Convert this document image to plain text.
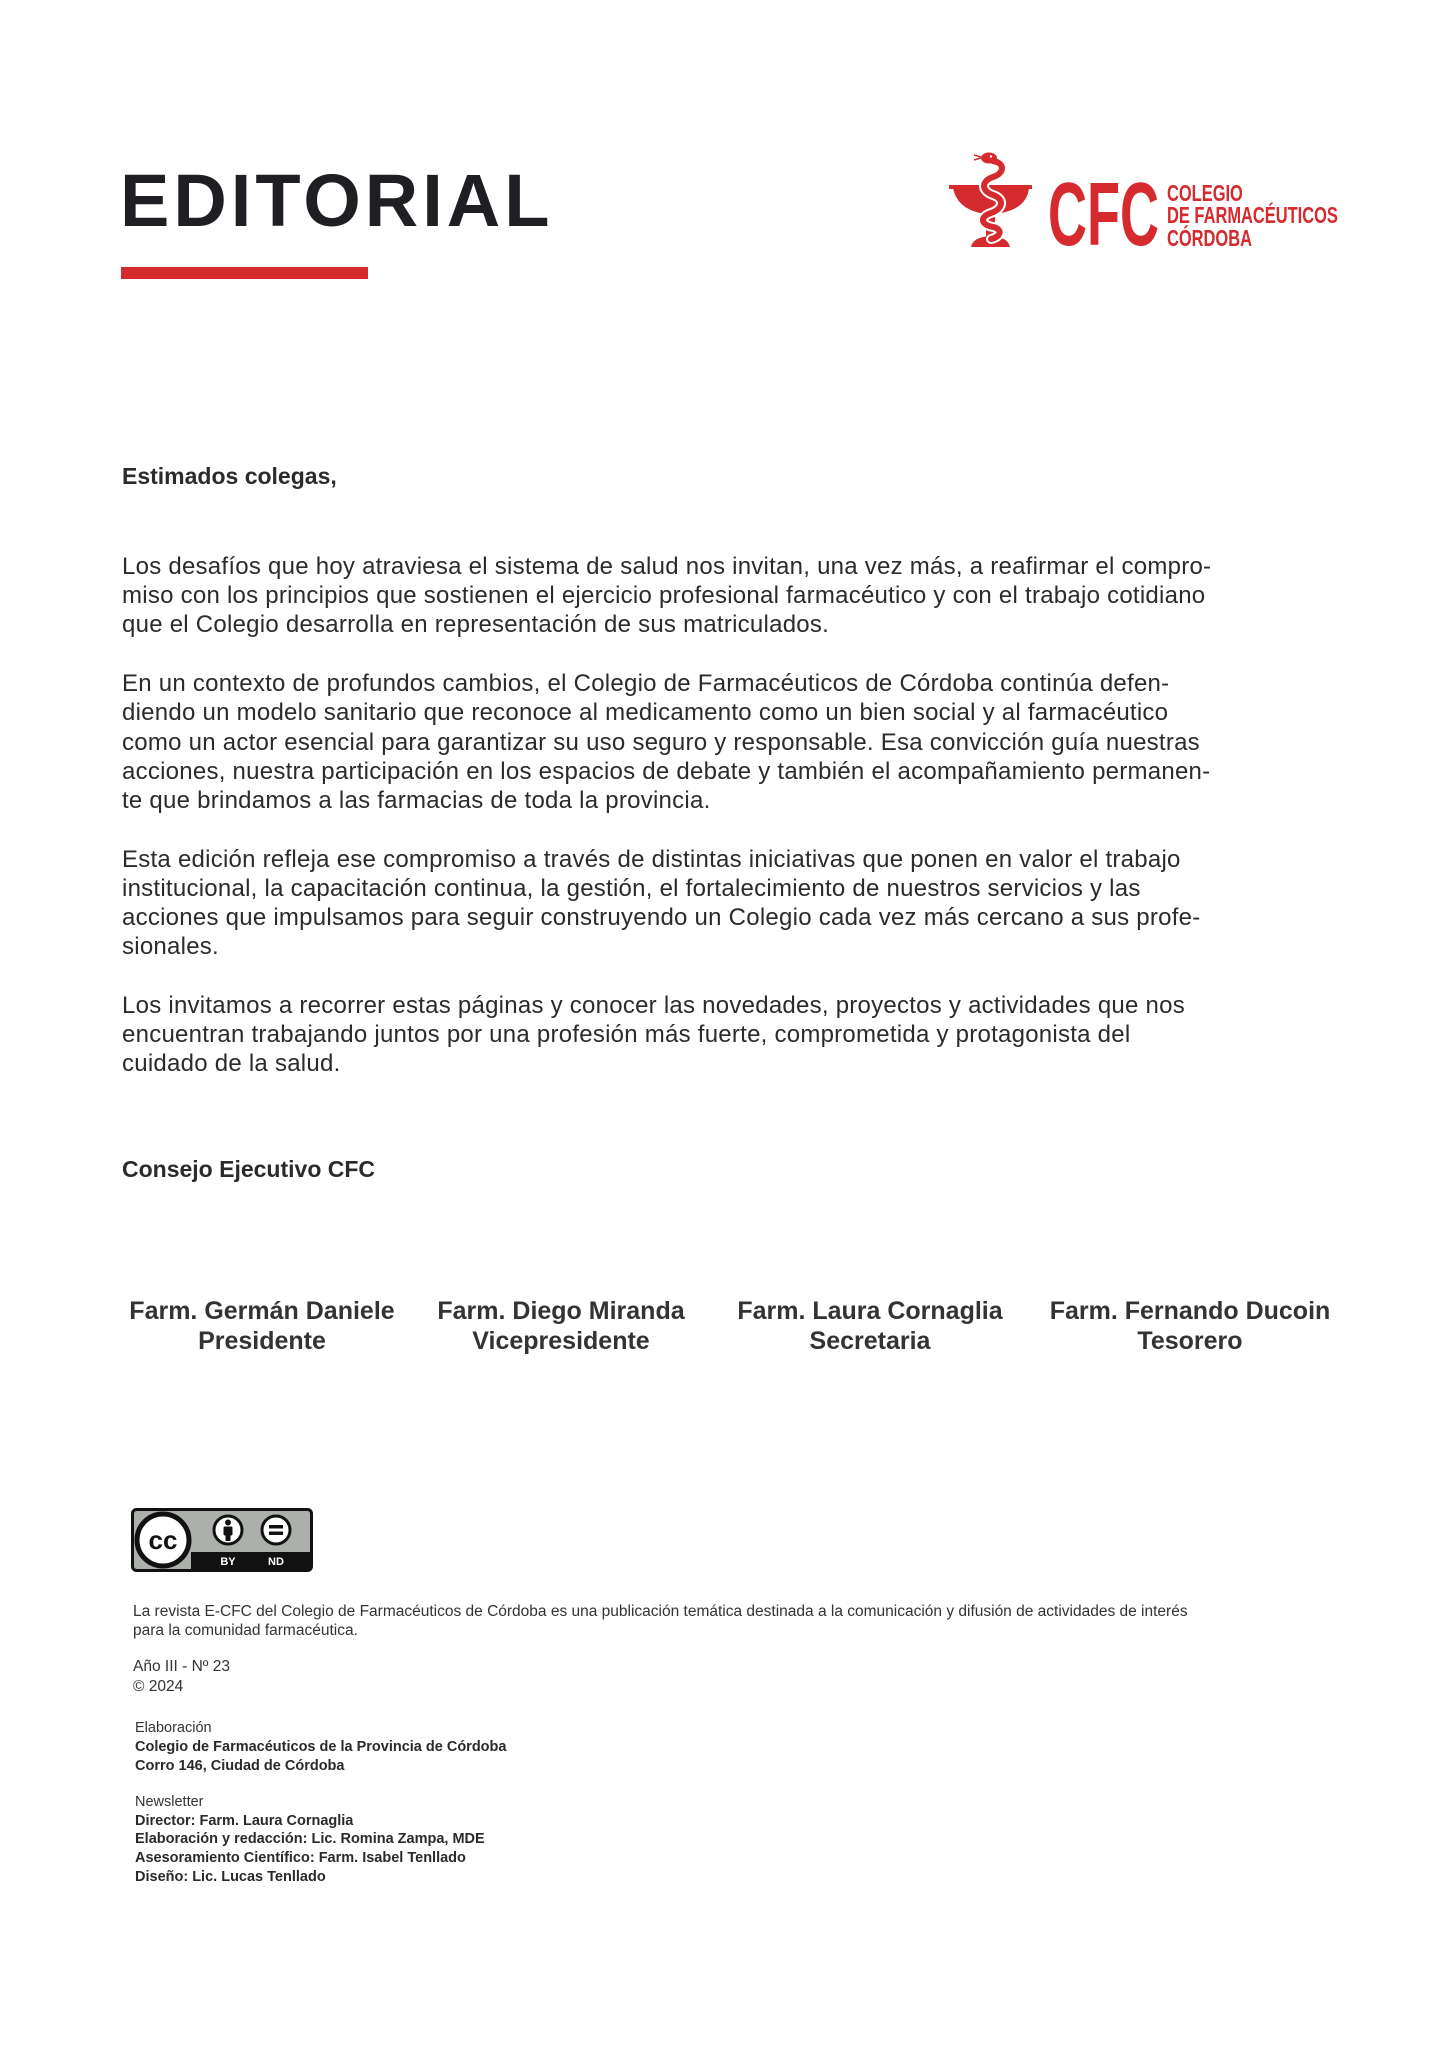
EDITORIAL	CFC COLEGIO
DE FARMACÉUTICOS
CÓRDOBA
Estimados colegas,
Los desafíos que hoy atraviesa el sistema de salud nos invitan, una vez más, a reafirmar el compro-
miso con los principios que sostienen el ejercicio profesional farmacéutico y con el trabajo cotidiano
que el Colegio desarrolla en representación de sus matriculados.
En un contexto de profundos cambios, el Colegio de Farmacéuticos de Córdoba continúa defen-
diendo un modelo sanitario que reconoce al medicamento como un bien social y al farmacéutico
como un actor esencial para garantizar su uso seguro y responsable. Esa convicción guía nuestras
acciones, nuestra participación en los espacios de debate y también el acompañamiento permanen-
te que brindamos a las farmacias de toda la provincia.
Esta edición refleja ese compromiso a través de distintas iniciativas que ponen en valor el trabajo
institucional, la capacitación continua, la gestión, el fortalecimiento de nuestros servicios y las
acciones que impulsamos para seguir construyendo un Colegio cada vez más cercano a sus profe-
sionales.
Los invitamos a recorrer estas páginas y conocer las novedades, proyectos y actividades que nos
encuentran trabajando juntos por una profesión más fuerte, comprometida y protagonista del
cuidado de la salud.
Consejo Ejecutivo CFC
Farm. Germán Daniele
Presidente
Farm. Diego Miranda
Vicepresidente
Farm. Laura Cornaglia
Secretaria
Farm. Fernando Ducoin
Tesorero
cc
BY	ND
La revista E-CFC del Colegio de Farmacéuticos de Córdoba es una publicación temática destinada a la comunicación y difusión de actividades de interés
para la comunidad farmacéutica.
Año III - Nº 23
© 2024
Elaboración
Colegio de Farmacéuticos de la Provincia de Córdoba
Corro 146, Ciudad de Córdoba
Newsletter
Director: Farm. Laura Cornaglia
Elaboración y redacción: Lic. Romina Zampa, MDE
Asesoramiento Científico: Farm. Isabel Tenllado
Diseño: Lic. Lucas Tenllado
